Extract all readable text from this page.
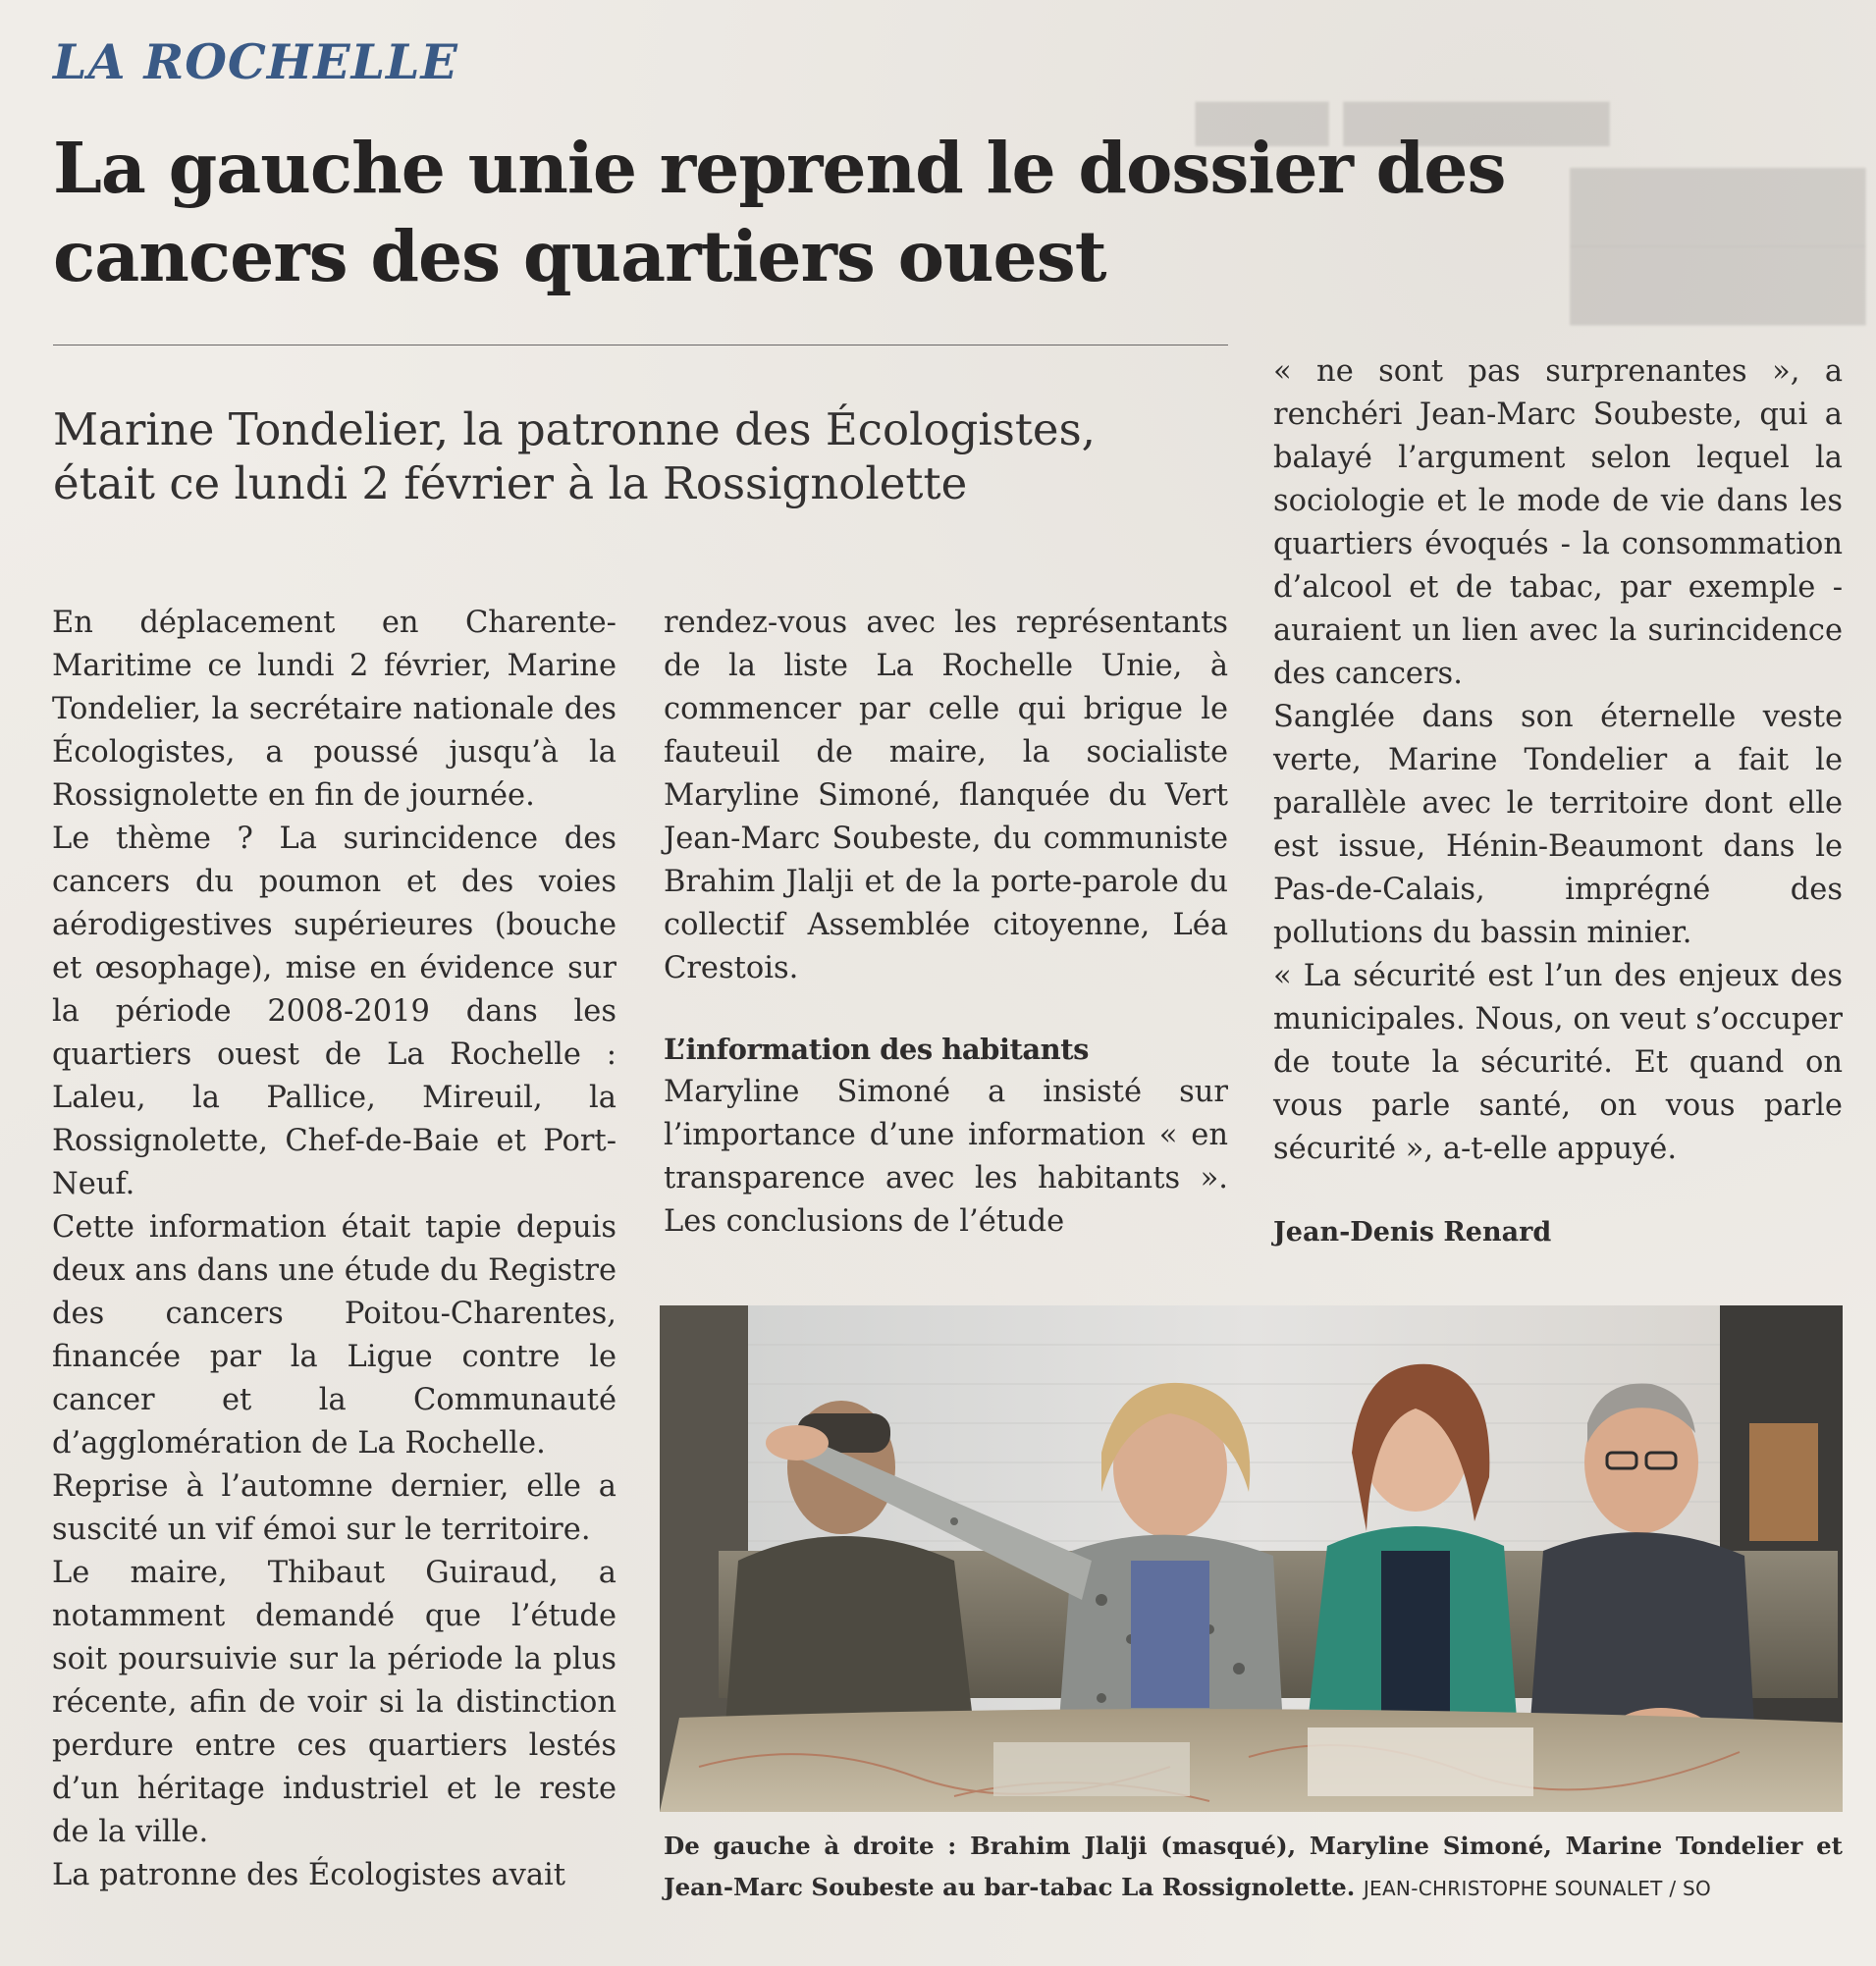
▇▇▇▇ ▇▇▇▇▇▇▇▇
▇▇▇▇▇
▇▇▇▇▇
LA ROCHELLE
La gauche unie reprend le dossier des cancers des quartiers ouest

Marine Tondelier, la patronne des Écologistes, était ce lundi 2 février à la Rossignolette

En déplacement en Charente-Maritime ce lundi 2 février, Marine Tondelier, la secrétaire nationale des Écologistes, a poussé jusqu’à la Rossignolette en fin de journée.

Le thème ? La surincidence des cancers du poumon et des voies aérodigestives supérieures (bouche et œsophage), mise en évidence sur la période 2008-2019 dans les quartiers ouest de La Rochelle : Laleu, la Pallice, Mireuil, la Rossignolette, Chef-de-Baie et Port-Neuf.

Cette information était tapie depuis deux ans dans une étude du Registre des cancers Poitou-Charentes, financée par la Ligue contre le cancer et la Communauté d’agglomération de La Rochelle.

Reprise à l’automne dernier, elle a suscité un vif émoi sur le territoire.

Le maire, Thibaut Guiraud, a notamment demandé que l’étude soit poursuivie sur la période la plus récente, afin de voir si la distinction perdure entre ces quartiers lestés d’un héritage industriel et le reste de la ville.

La patronne des Écologistes avait

rendez-vous avec les représentants de la liste La Rochelle Unie, à commencer par celle qui brigue le fauteuil de maire, la socialiste Maryline Simoné, flanquée du Vert Jean-Marc Soubeste, du communiste Brahim Jlalji et de la porte-parole du collectif Assemblée citoyenne, Léa Crestois.

L’information des habitants

Maryline Simoné a insisté sur l’importance d’une information « en transparence avec les habitants ». Les conclusions de l’étude

« ne sont pas surprenantes », a renchéri Jean-Marc Soubeste, qui a balayé l’argument selon lequel la sociologie et le mode de vie dans les quartiers évoqués - la consommation d’alcool et de tabac, par exemple - auraient un lien avec la surincidence des cancers.

Sanglée dans son éternelle veste verte, Marine Tondelier a fait le parallèle avec le territoire dont elle est issue, Hénin-Beaumont dans le Pas-de-Calais, imprégné des pollutions du bassin minier.

« La sécurité est l’un des enjeux des municipales. Nous, on veut s’occuper de toute la sécurité. Et quand on vous parle santé, on vous parle sécurité », a-t-elle appuyé.

Jean-Denis Renard
De gauche à droite : Brahim Jlalji (masqué), Maryline Simoné, Marine Tondelier et Jean-Marc Soubeste au bar-tabac La Rossignolette. JEAN-CHRISTOPHE SOUNALET / SO
